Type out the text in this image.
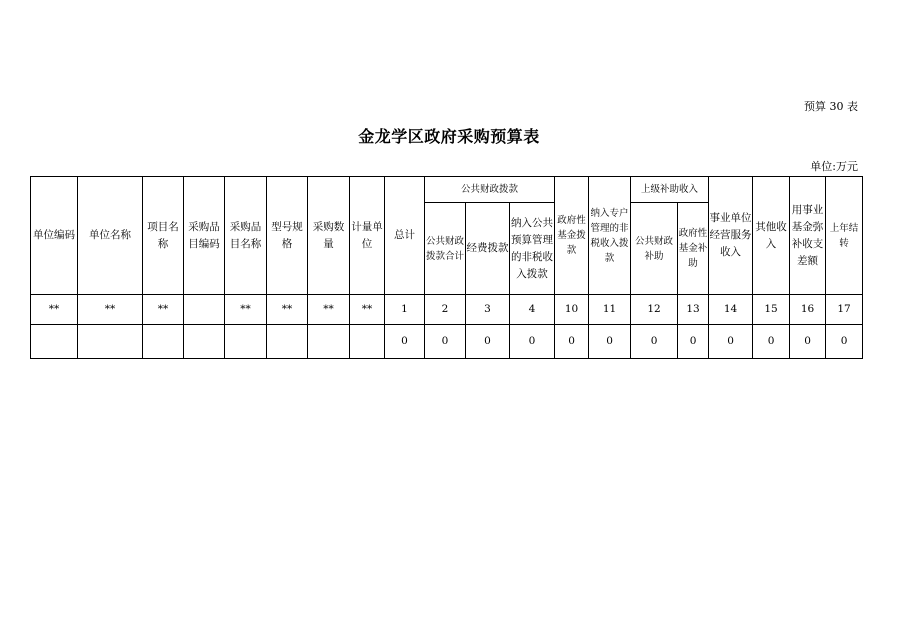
预算 30 表
金龙学区政府采购预算表
单位:万元
单位编码	单位名称	项目名称	采购品目编码	采购品目名称	型号规格	采购数量	计量单位	总计	公共财政拨款			政府性基金拨款	纳入专户管理的非税收入拨款	上级补助收入		事业单位经营服务收入	其他收入	用事业基金弥补收支差额	上年结转
									公共财政拨款合计	经费拨款	纳入公共预算管理的非税收入拨款			公共财政补助	政府性基金补助				
**	**	**		**	**	**	**	1	2	3	4	10	11	12	13	14	15	16	17
								0	0	0	0	0	0	0	0	0	0	0	0
